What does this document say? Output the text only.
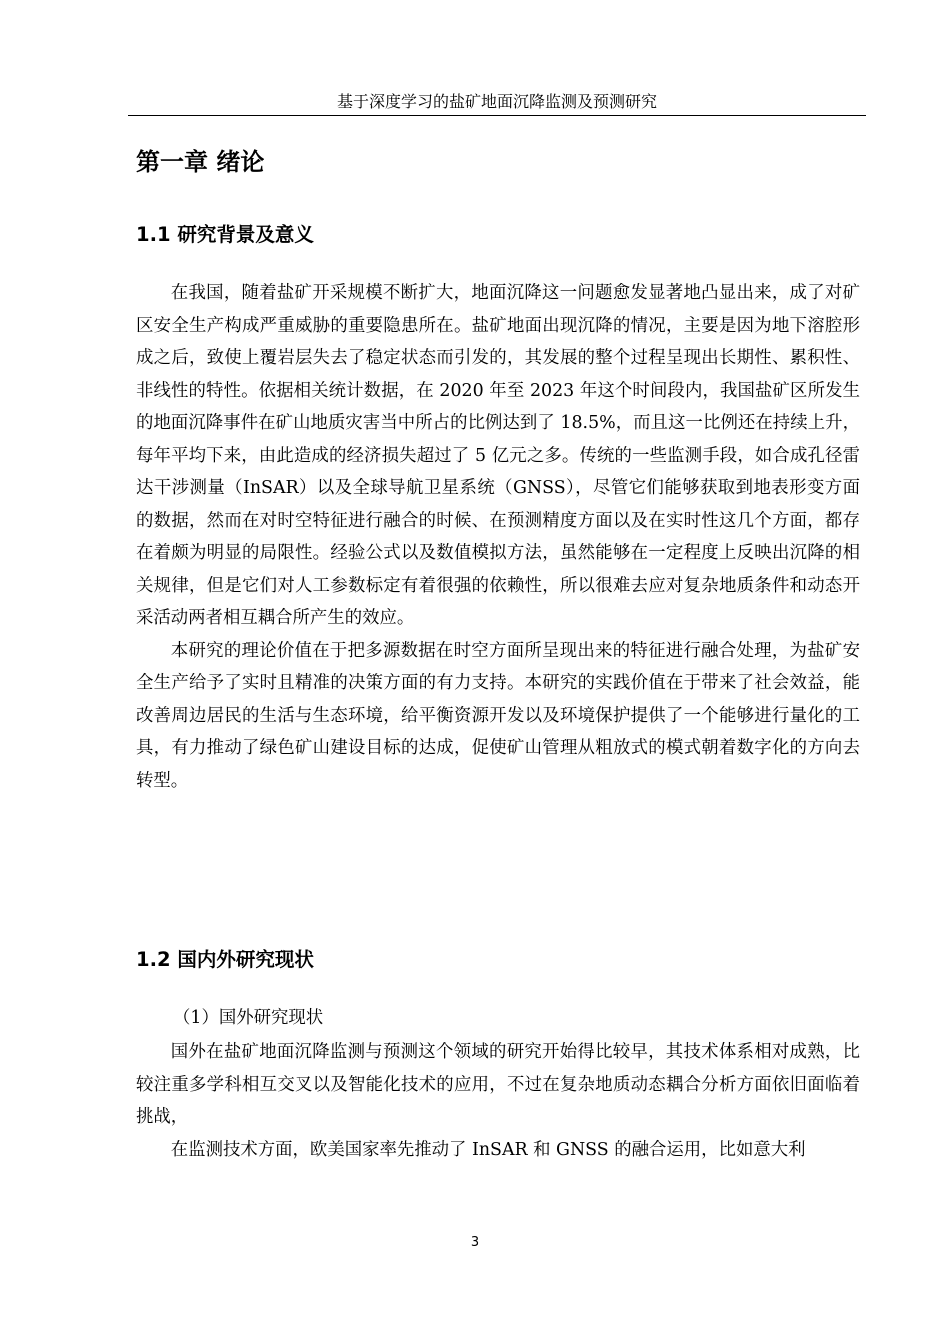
基于深度学习的盐矿地面沉降监测及预测研究
第一章 绪论
1.1 研究背景及意义

在我国，随着盐矿开采规模不断扩大，地面沉降这一问题愈发显著地凸显出来，成了对矿区安全生产构成严重威胁的重要隐患所在。盐矿地面出现沉降的情况，主要是因为地下溶腔形成之后，致使上覆岩层失去了稳定状态而引发的，其发展的整个过程呈现出长期性、累积性、非线性的特性。依据相关统计数据，在 2020 年至 2023 年这个时间段内，我国盐矿区所发生的地面沉降事件在矿山地质灾害当中所占的比例达到了 18.5%，而且这一比例还在持续上升，每年平均下来，由此造成的经济损失超过了 5 亿元之多。传统的一些监测手段，如合成孔径雷达干涉测量（InSAR）以及全球导航卫星系统（GNSS），尽管它们能够获取到地表形变方面的数据，然而在对时空特征进行融合的时候、在预测精度方面以及在实时性这几个方面，都存在着颇为明显的局限性。经验公式以及数值模拟方法，虽然能够在一定程度上反映出沉降的相关规律，但是它们对人工参数标定有着很强的依赖性，所以很难去应对复杂地质条件和动态开采活动两者相互耦合所产生的效应。

本研究的理论价值在于把多源数据在时空方面所呈现出来的特征进行融合处理，为盐矿安全生产给予了实时且精准的决策方面的有力支持。本研究的实践价值在于带来了社会效益，能改善周边居民的生活与生态环境，给平衡资源开发以及环境保护提供了一个能够进行量化的工具，有力推动了绿色矿山建设目标的达成，促使矿山管理从粗放式的模式朝着数字化的方向去转型。

1.2 国内外研究现状
（1）国外研究现状

国外在盐矿地面沉降监测与预测这个领域的研究开始得比较早，其技术体系相对成熟，比较注重多学科相互交叉以及智能化技术的应用，不过在复杂地质动态耦合分析方面依旧面临着挑战，

在监测技术方面，欧美国家率先推动了 InSAR 和 GNSS 的融合运用，比如意大利

3
